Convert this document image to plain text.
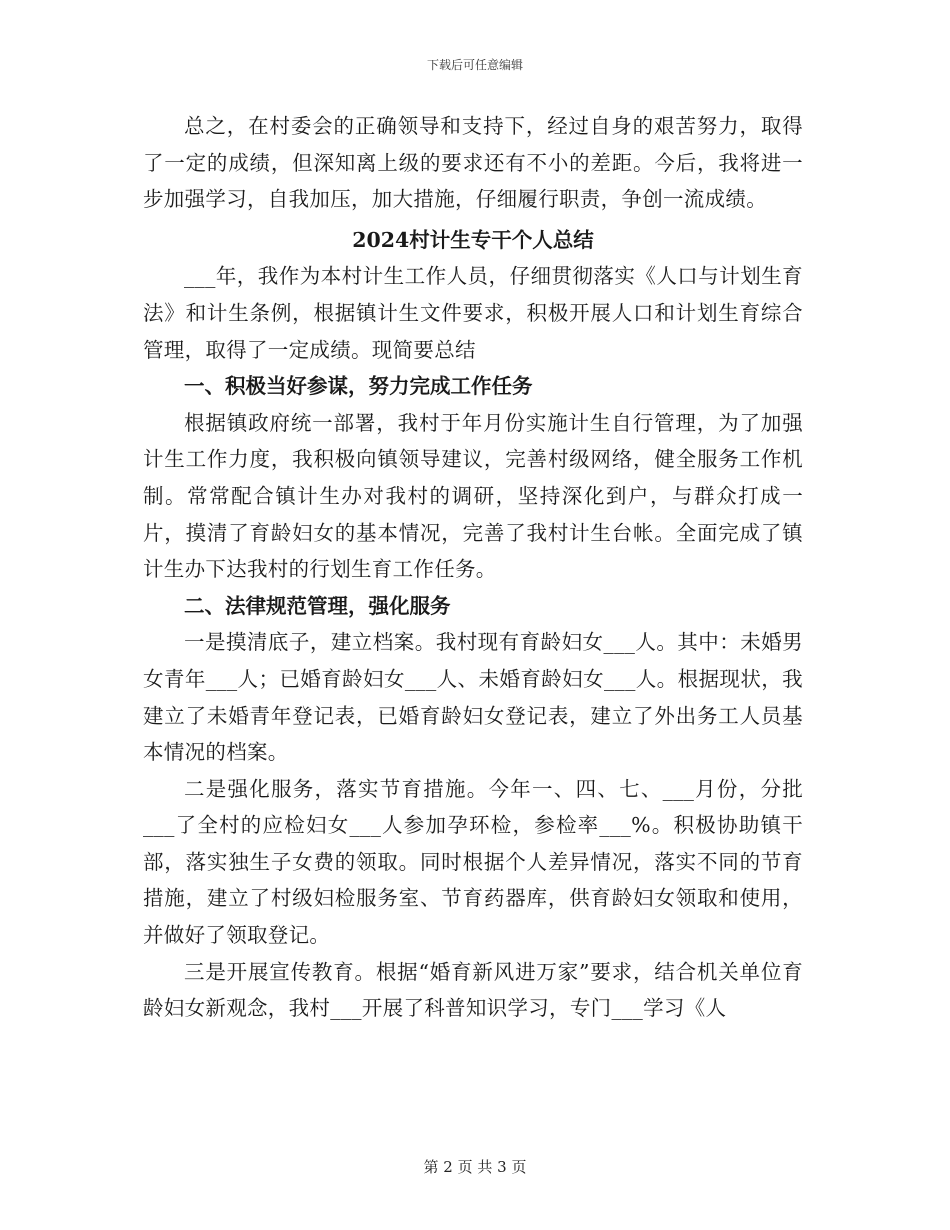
下载后可任意编辑

总之，在村委会的正确领导和支持下，经过自身的艰苦努力，取得了一定的成绩，但深知离上级的要求还有不小的差距。今后，我将进一步加强学习，自我加压，加大措施，仔细履行职责，争创一流成绩。

2024村计生专干个人总结

___年，我作为本村计生工作人员，仔细贯彻落实《人口与计划生育法》和计生条例，根据镇计生文件要求，积极开展人口和计划生育综合管理，取得了一定成绩。现简要总结

一、积极当好参谋，努力完成工作任务

根据镇政府统一部署，我村于年月份实施计生自行管理，为了加强计生工作力度，我积极向镇领导建议，完善村级网络，健全服务工作机制。常常配合镇计生办对我村的调研，坚持深化到户，与群众打成一片，摸清了育龄妇女的基本情况，完善了我村计生台帐。全面完成了镇计生办下达我村的行划生育工作任务。

二、法律规范管理，强化服务

一是摸清底子，建立档案。我村现有育龄妇女___人。其中：未婚男女青年___人；已婚育龄妇女___人、未婚育龄妇女___人。根据现状，我建立了未婚青年登记表，已婚育龄妇女登记表，建立了外出务工人员基本情况的档案。

二是强化服务，落实节育措施。今年一、四、七、___月份，分批___了全村的应检妇女___人参加孕环检，参检率___%。积极协助镇干部，落实独生子女费的领取。同时根据个人差异情况，落实不同的节育措施，建立了村级妇检服务室、节育药器库，供育龄妇女领取和使用，并做好了领取登记。

三是开展宣传教育。根据“婚育新风进万家”要求，结合机关单位育龄妇女新观念，我村___开展了科普知识学习，专门___学习《人

第 2 页 共 3 页
